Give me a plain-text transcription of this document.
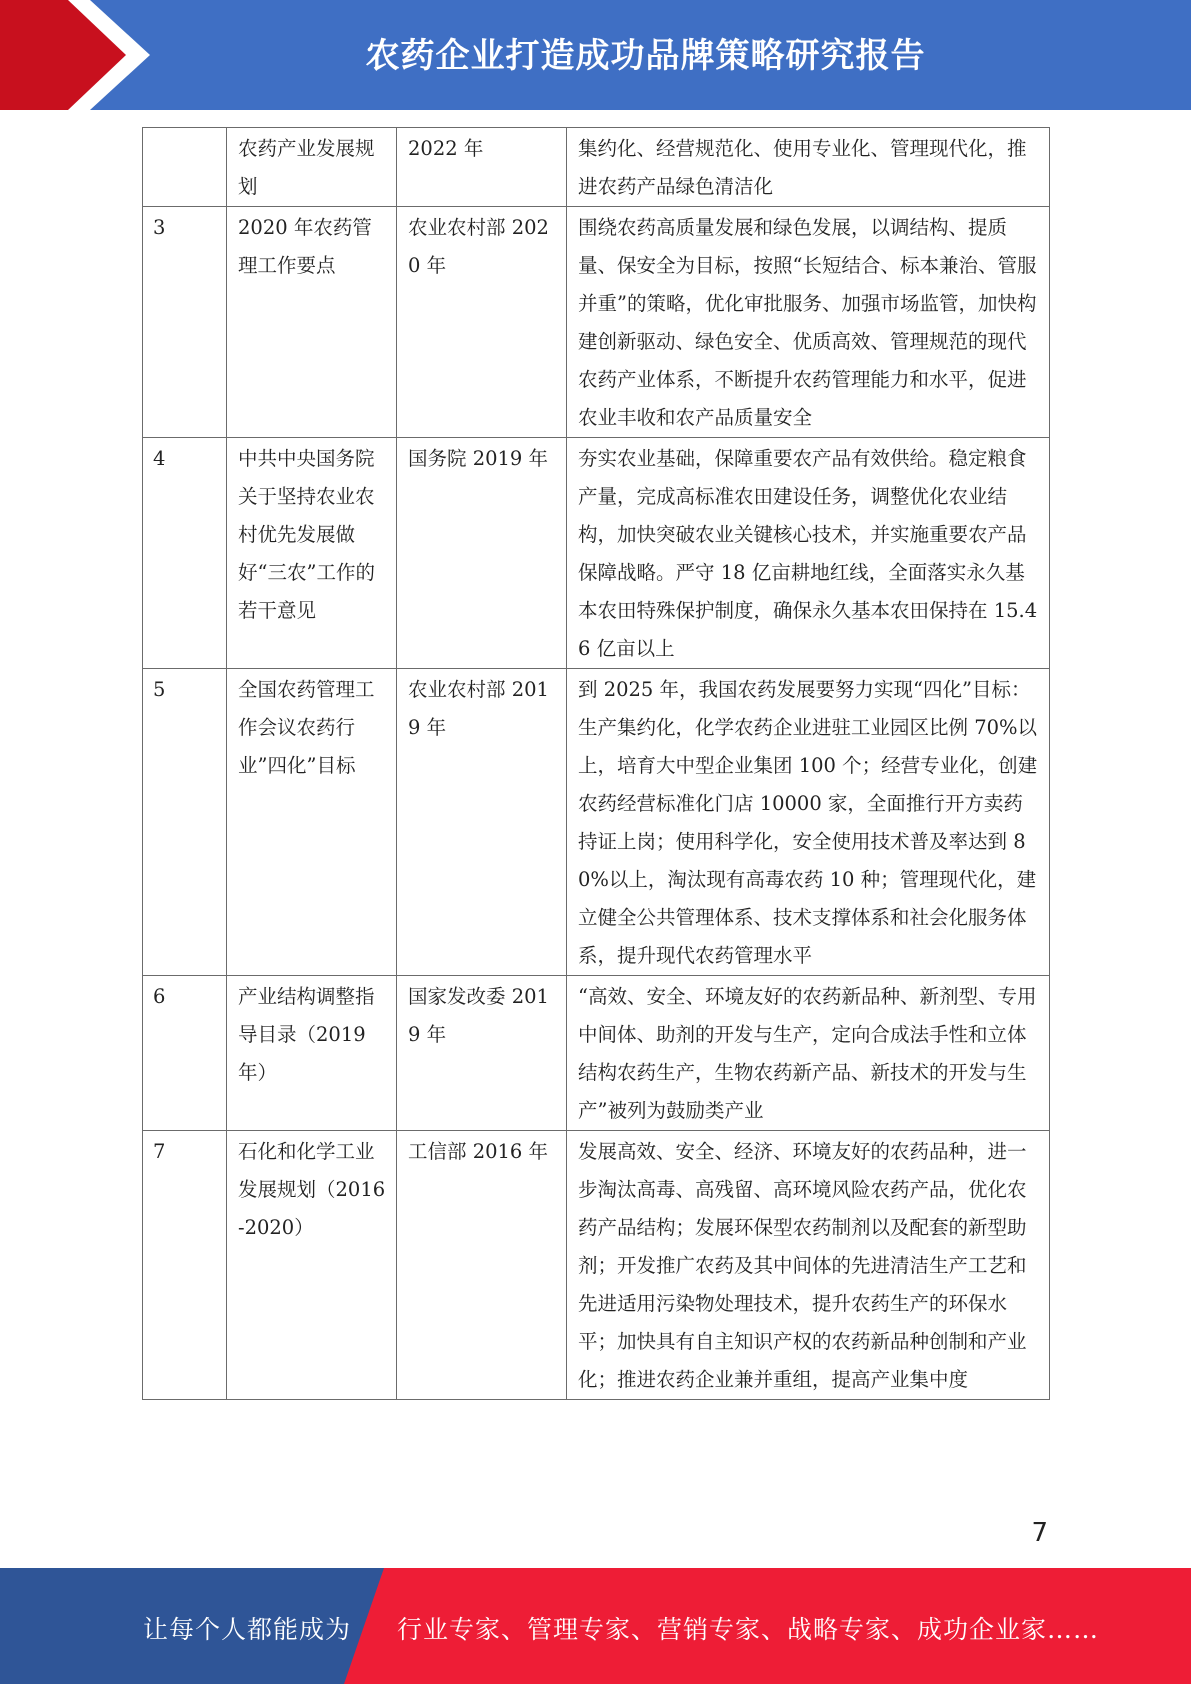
农药企业打造成功品牌策略研究报告
	农药产业发展规划	2022 年	集约化、经营规范化、使用专业化、管理现代化，推进农药产品绿色清洁化
3	2020 年农药管理工作要点	农业农村部 2020 年	围绕农药高质量发展和绿色发展，以调结构、提质量、保安全为目标，按照“长短结合、标本兼治、管服并重”的策略，优化审批服务、加强市场监管，加快构建创新驱动、绿色安全、优质高效、管理规范的现代农药产业体系，不断提升农药管理能力和水平，促进农业丰收和农产品质量安全
4	中共中央国务院关于坚持农业农村优先发展做好“三农”工作的若干意见	国务院 2019 年	夯实农业基础，保障重要农产品有效供给。稳定粮食产量，完成高标准农田建设任务，调整优化农业结构，加快突破农业关键核心技术，并实施重要农产品保障战略。严守 18 亿亩耕地红线，全面落实永久基本农田特殊保护制度，确保永久基本农田保持在 15.46 亿亩以上
5	全国农药管理工作会议农药行业”四化”目标	农业农村部 2019 年	到 2025 年，我国农药发展要努力实现“四化”目标：生产集约化，化学农药企业进驻工业园区比例 70%以上，培育大中型企业集团 100 个；经营专业化，创建农药经营标准化门店 10000 家，全面推行开方卖药持证上岗；使用科学化，安全使用技术普及率达到 80%以上，淘汰现有高毒农药 10 种；管理现代化，建立健全公共管理体系、技术支撑体系和社会化服务体系，提升现代农药管理水平
6	产业结构调整指导目录（2019 年）	国家发改委 2019 年	“高效、安全、环境友好的农药新品种、新剂型、专用中间体、助剂的开发与生产，定向合成法手性和立体结构农药生产，生物农药新产品、新技术的开发与生产”被列为鼓励类产业
7	石化和化学工业发展规划（2016-2020）	工信部 2016 年	发展高效、安全、经济、环境友好的农药品种，进一步淘汰高毒、高残留、高环境风险农药产品，优化农药产品结构；发展环保型农药制剂以及配套的新型助剂；开发推广农药及其中间体的先进清洁生产工艺和先进适用污染物处理技术，提升农药生产的环保水平；加快具有自主知识产权的农药新品种创制和产业化；推进农药企业兼并重组，提高产业集中度
7
让每个人都能成为 行业专家、管理专家、营销专家、战略专家、成功企业家……
